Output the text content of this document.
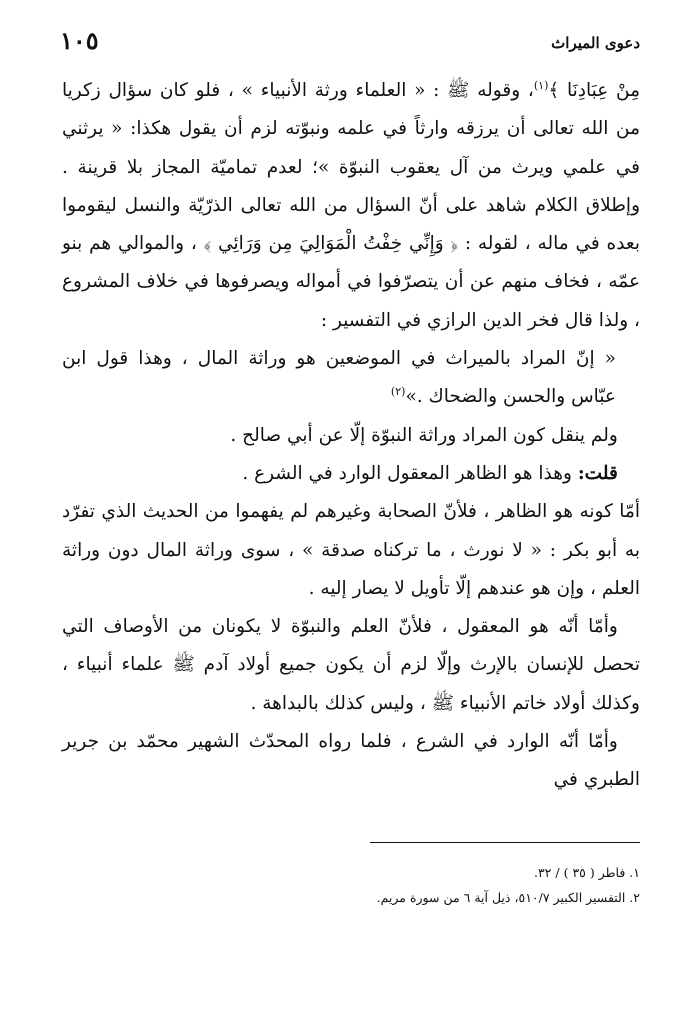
دعوى الميراث
١٠٥

مِنْ عِبَادِنَا ﴾$^{(١)}$، وقوله ﷺ : « العلماء ورثة الأنبياء » ، فلو كان سؤال زكريا من الله تعالى أن يرزقه وارثاً في علمه ونبوّته لزم أن يقول هكذا: « يرثني في علمي ويرث من آل يعقوب النبوّة »؛ لعدم تماميّة المجاز بلا قرينة . وإطلاق الكلام شاهد على أنّ السؤال من الله تعالى الذرّيّة والنسل ليقوموا بعده في ماله ، لقوله : ﴿ وَإِنِّي خِفْتُ الْمَوَالِيَ مِن وَرَائِي ﴾ ، والموالي هم بنو عمّه ، فخاف منهم عن أن يتصرّفوا في أمواله ويصرفوها في خلاف المشروع ، ولذا قال فخر الدين الرازي في التفسير :

« إنّ المراد بالميراث في الموضعين هو وراثة المال ، وهذا قول ابن عبّاس والحسن والضحاك .»$^{(٢)}$

ولم ينقل كون المراد وراثة النبوّة إلّا عن أبي صالح .

قلت: وهذا هو الظاهر المعقول الوارد في الشرع .

أمّا كونه هو الظاهر ، فلأنّ الصحابة وغيرهم لم يفهموا من الحديث الذي تفرّد به أبو بكر : « لا نورث ، ما تركناه صدقة » ، سوى وراثة المال دون وراثة العلم ، وإن هو عندهم إلّا تأويل لا يصار إليه .

وأمّا أنّه هو المعقول ، فلأنّ العلم والنبوّة لا يكونان من الأوصاف التي تحصل للإنسان بالإرث وإلّا لزم أن يكون جميع أولاد آدم ﷺ علماء أنبياء ، وكذلك أولاد خاتم الأنبياء ﷺ ، وليس كذلك بالبداهة .

وأمّا أنّه الوارد في الشرع ، فلما رواه المحدّث الشهير محمّد بن جرير الطبري في

١. فاطر ( ٣٥ ) / ٣٢.

٢. التفسير الكبير ٥١٠/٧، ذيل آية ٦ من سورة مريم.
